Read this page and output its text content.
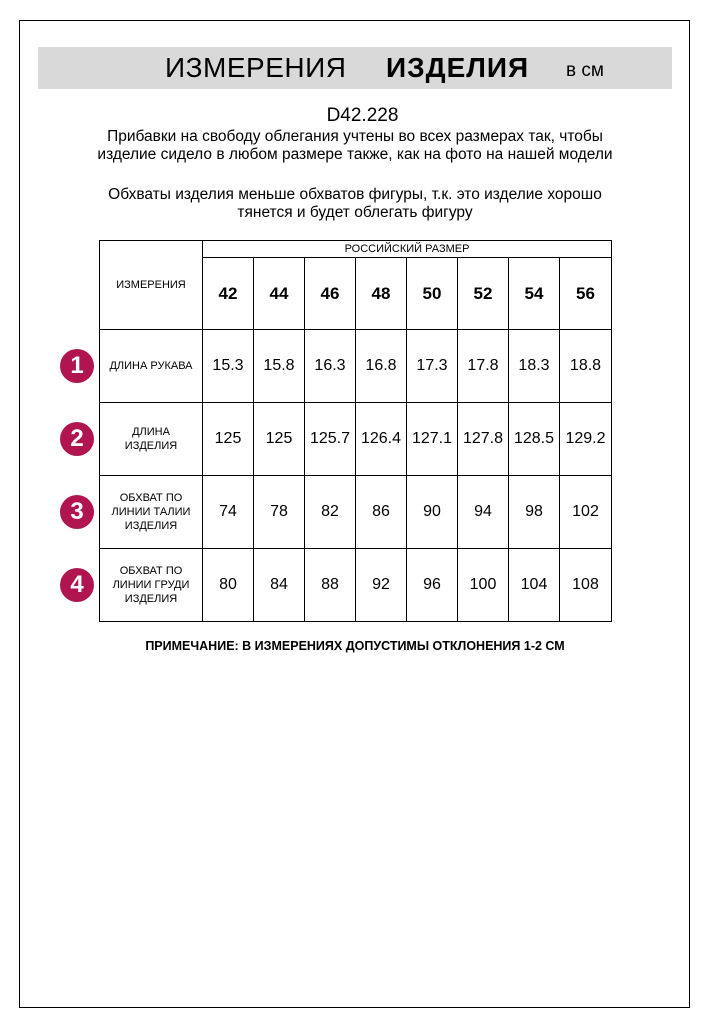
ИЗМЕРЕНИЯ ИЗДЕЛИЯ в см
D42.228
Прибавки на свободу облегания учтены во всех размерах так, чтобы изделие сидело в любом размере также, как на фото на нашей модели
Обхваты изделия меньше обхватов фигуры, т.к. это изделие хорошо тянется и будет облегать фигуру
ИЗМЕРЕНИЯ	РОССИЙСКИЙ РАЗМЕР							
	42	44	46	48	50	52	54	56
ДЛИНА РУКАВА	15.3	15.8	16.3	16.8	17.3	17.8	18.3	18.8

ДЛИНА ИЗДЕЛИЯ	125	125	125.7	126.4	127.1	127.8	128.5	129.2

ОБХВАТ ПО ЛИНИИ ТАЛИИ ИЗДЕЛИЯ	74	78	82	86	90	94	98	102

ОБХВАТ ПО ЛИНИИ ГРУДИ ИЗДЕЛИЯ	80	84	88	92	96	100	104	108
1
2
3
4
ПРИМЕЧАНИЕ: В ИЗМЕРЕНИЯХ ДОПУСТИМЫ ОТКЛОНЕНИЯ 1-2 СМ
